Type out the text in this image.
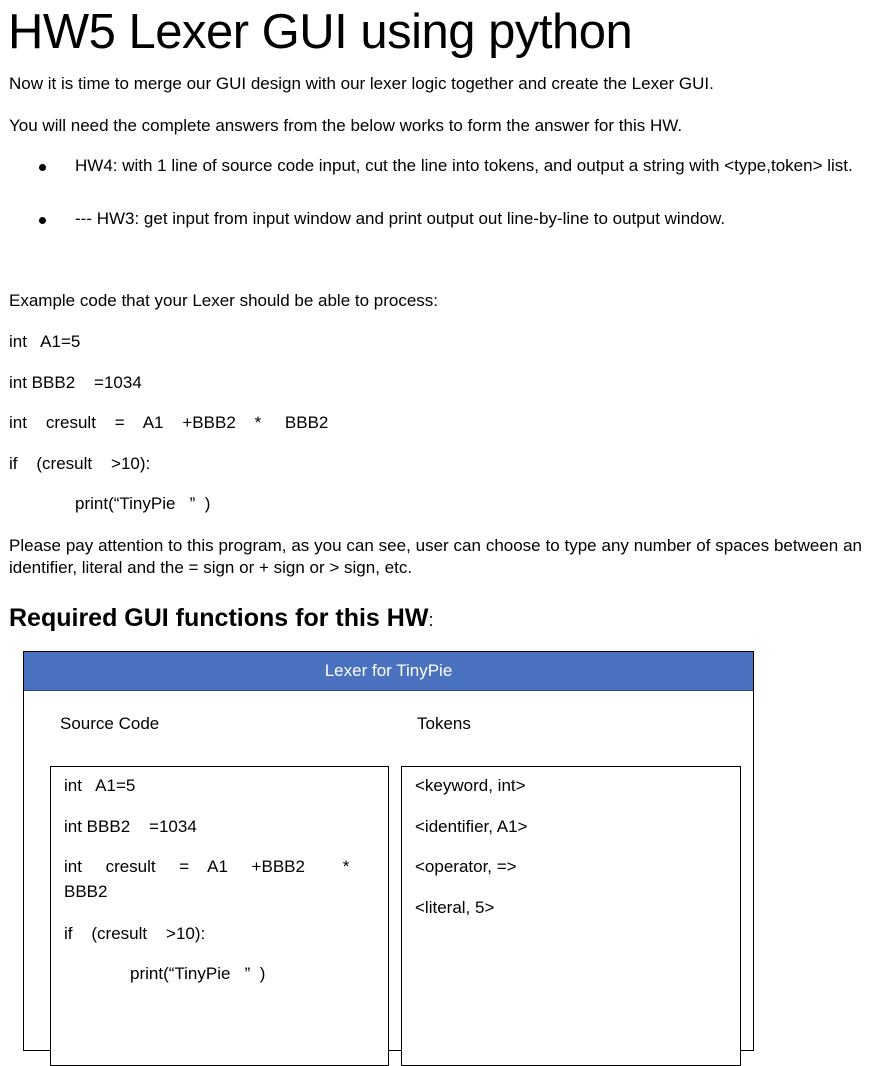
HW5 Lexer GUI using python
Now it is time to merge our GUI design with our lexer logic together and create the Lexer GUI.
You will need the complete answers from the below works to form the answer for this HW.
HW4: with 1 line of source code input, cut the line into tokens, and output a string with <type,token> list.
--- HW3: get input from input window and print output out line-by-line to output window.
Example code that your Lexer should be able to process:
int   A1=5
int BBB2    =1034
int    cresult    =    A1    +BBB2    *     BBB2
if    (cresult    >10):
print(“TinyPie   ”  )
Please pay attention to this program, as you can see, user can choose to type any number of spaces between an identifier, literal and the = sign or + sign or > sign, etc.
Required GUI functions for this HW:
Lexer for TinyPie
Source Code	Tokens
int   A1=5
int BBB2    =1034
int     cresult     =    A1     +BBB2        *
BBB2
if    (cresult    >10):
print(“TinyPie   ”  )
<keyword, int>
<identifier, A1>
<operator, =>
<literal, 5>
